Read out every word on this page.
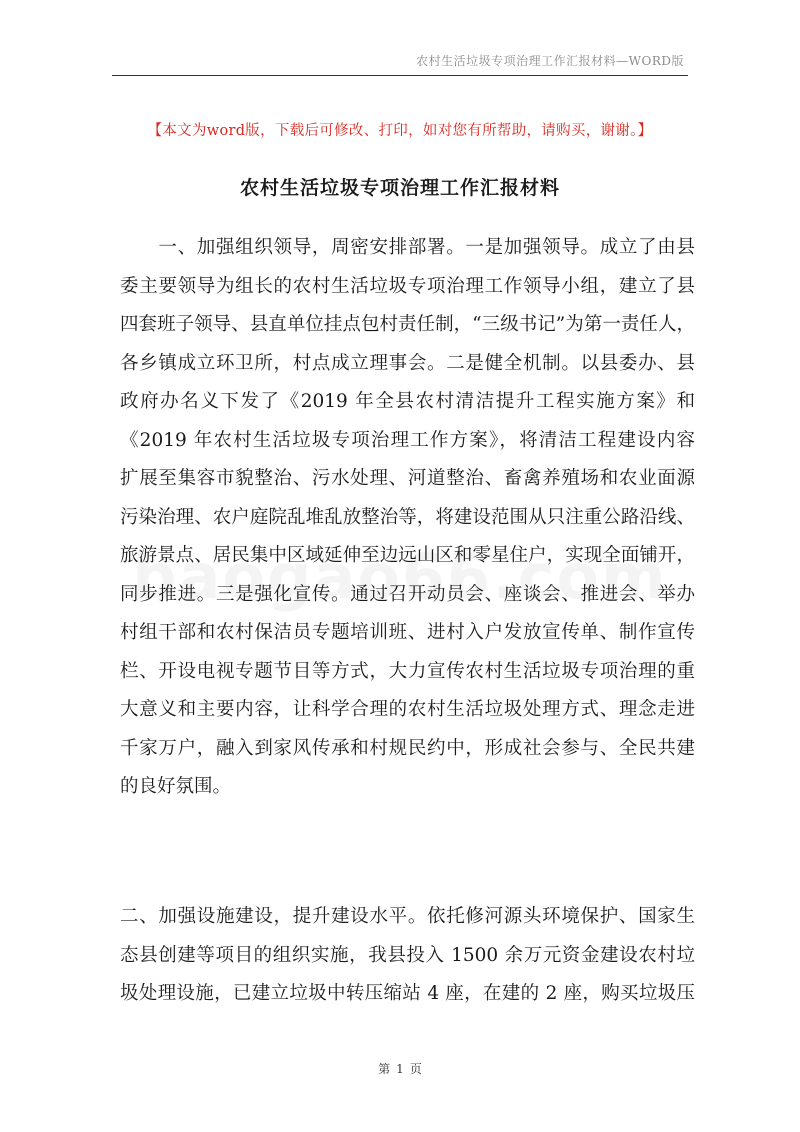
农村生活垃圾专项治理工作汇报材料—WORD版
【本文为word版，下载后可修改、打印，如对您有所帮助，请购买，谢谢。】
农村生活垃圾专项治理工作汇报材料

　　一、加强组织领导，周密安排部署。一是加强领导。成立了由县

委主要领导为组长的农村生活垃圾专项治理工作领导小组，建立了县

四套班子领导、县直单位挂点包村责任制，“三级书记”为第一责任人，

各乡镇成立环卫所，村点成立理事会。二是健全机制。以县委办、县

政府办名义下发了《2019 年全县农村清洁提升工程实施方案》和

《2019 年农村生活垃圾专项治理工作方案》，将清洁工程建设内容

扩展至集容市貌整治、污水处理、河道整治、畜禽养殖场和农业面源

污染治理、农户庭院乱堆乱放整治等，将建设范围从只注重公路沿线、

旅游景点、居民集中区域延伸至边远山区和零星住户，实现全面铺开，

同步推进。三是强化宣传。通过召开动员会、座谈会、推进会、举办

村组干部和农村保洁员专题培训班、进村入户发放宣传单、制作宣传

栏、开设电视专题节目等方式，大力宣传农村生活垃圾专项治理的重

大意义和主要内容，让科学合理的农村生活垃圾处理方式、理念走进

千家万户，融入到家风传承和村规民约中，形成社会参与、全民共建

的良好氛围。

二、加强设施建设，提升建设水平。依托修河源头环境保护、国家生

态县创建等项目的组织实施，我县投入 1500 余万元资金建设农村垃

圾处理设施，已建立垃圾中转压缩站 4 座，在建的 2 座，购买垃圾压

第 1 页
